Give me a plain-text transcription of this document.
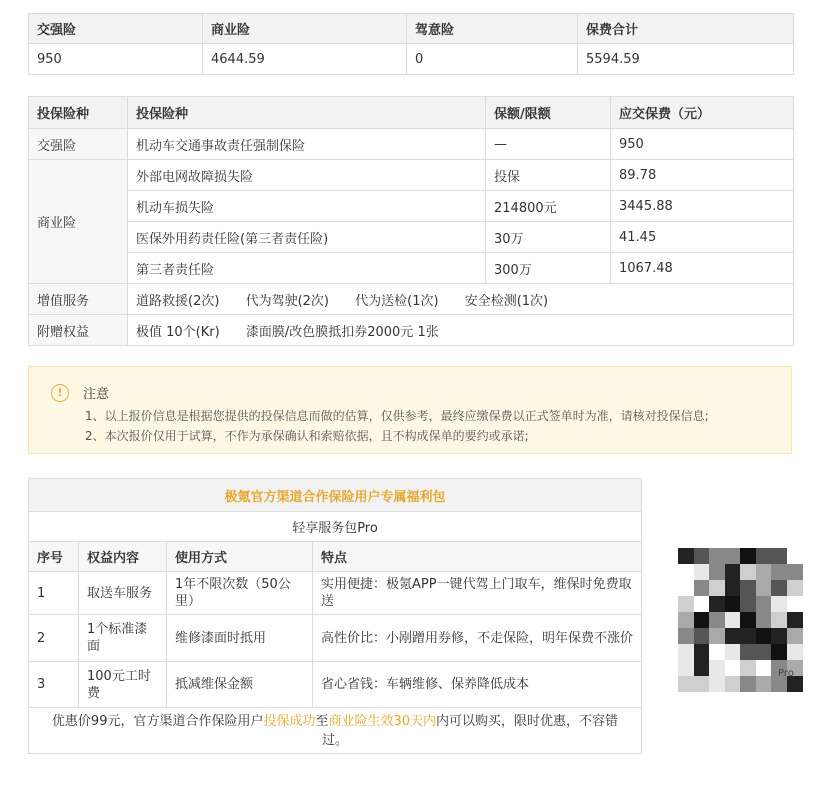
交强险	商业险	驾意险	保费合计
950	4644.59	0	5594.59
投保险种	投保险种	保额/限额	应交保费（元）
交强险	机动车交通事故责任强制保险	—	950
商业险	外部电网故障损失险	投保	89.78
	机动车损失险	214800元	3445.88
	医保外用药责任险(第三者责任险)	30万	41.45
	第三者责任险	300万	1067.48
增值服务	道路救援(2次) 代为驾驶(2次) 代为送检(1次) 安全检测(1次)		
附赠权益	极值 10个(Kr) 漆面膜/改色膜抵扣券2000元 1张		
!	注意
1、以上报价信息是根据您提供的投保信息而做的估算，仅供参考，最终应缴保费以正式签单时为准，请核对投保信息;
2、本次报价仅用于试算，不作为承保确认和索赔依据，且不构成保单的要约或承诺;
极氪官方渠道合作保险用户专属福利包			
轻享服务包Pro			
序号	权益内容	使用方式	特点
1	取送车服务	1年不限次数（50公里）	实用便捷：极氪APP一键代驾上门取车，维保时免费取送
2	1个标准漆面	维修漆面时抵用	高性价比：小剐蹭用券修，不走保险，明年保费不涨价
3	100元工时费	抵减维保金额	省心省钱：车辆维修、保养降低成本
优惠价99元，官方渠道合作保险用户投保成功至商业险生效30天内内可以购买，限时优惠，不容错过。			
Pro
